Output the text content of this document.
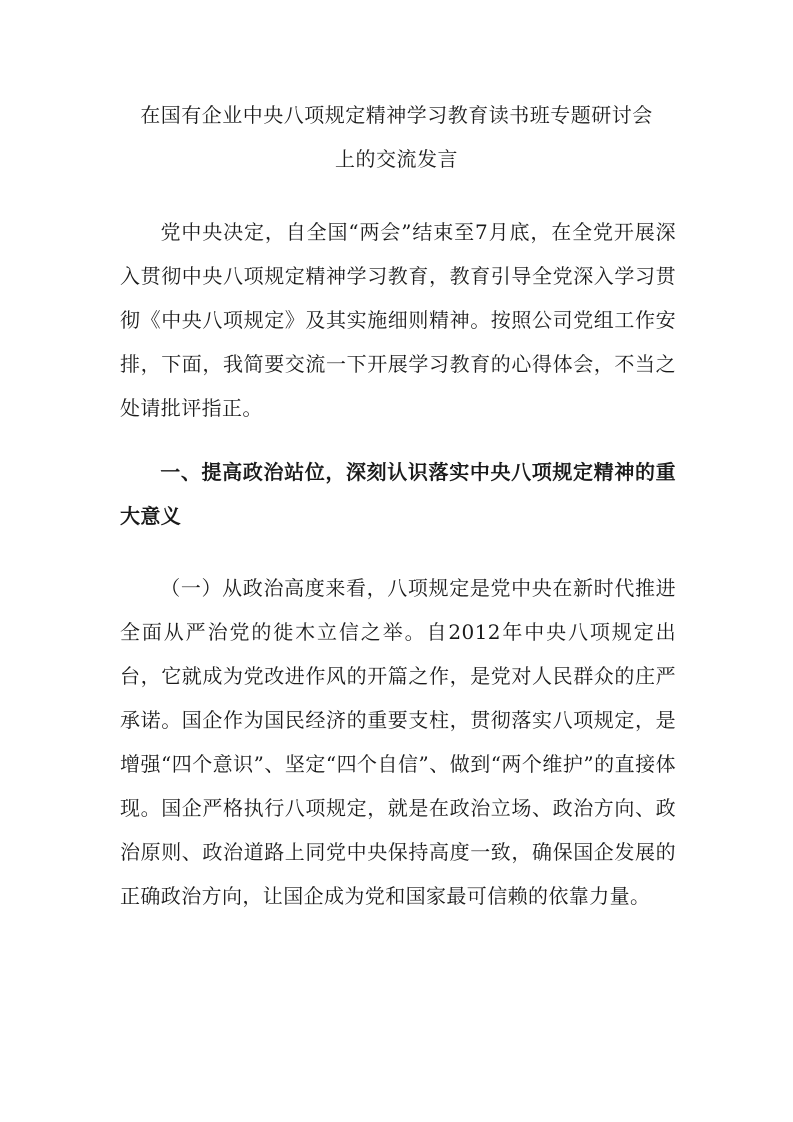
在国有企业中央八项规定精神学习教育读书班专题研讨会
上的交流发言
党中央决定，自全国“两会”结束至7月底，在全党开展深入贯彻中央八项规定精神学习教育，教育引导全党深入学习贯彻《中央八项规定》及其实施细则精神。按照公司党组工作安排，下面，我简要交流一下开展学习教育的心得体会，不当之处请批评指正。
一、提高政治站位，深刻认识落实中央八项规定精神的重大意义
（一）从政治高度来看，八项规定是党中央在新时代推进全面从严治党的徙木立信之举。自2012年中央八项规定出台，它就成为党改进作风的开篇之作，是党对人民群众的庄严承诺。国企作为国民经济的重要支柱，贯彻落实八项规定，是增强“四个意识”、坚定“四个自信”、做到“两个维护”的直接体现。国企严格执行八项规定，就是在政治立场、政治方向、政治原则、政治道路上同党中央保持高度一致，确保国企发展的正确政治方向，让国企成为党和国家最可信赖的依靠力量。
